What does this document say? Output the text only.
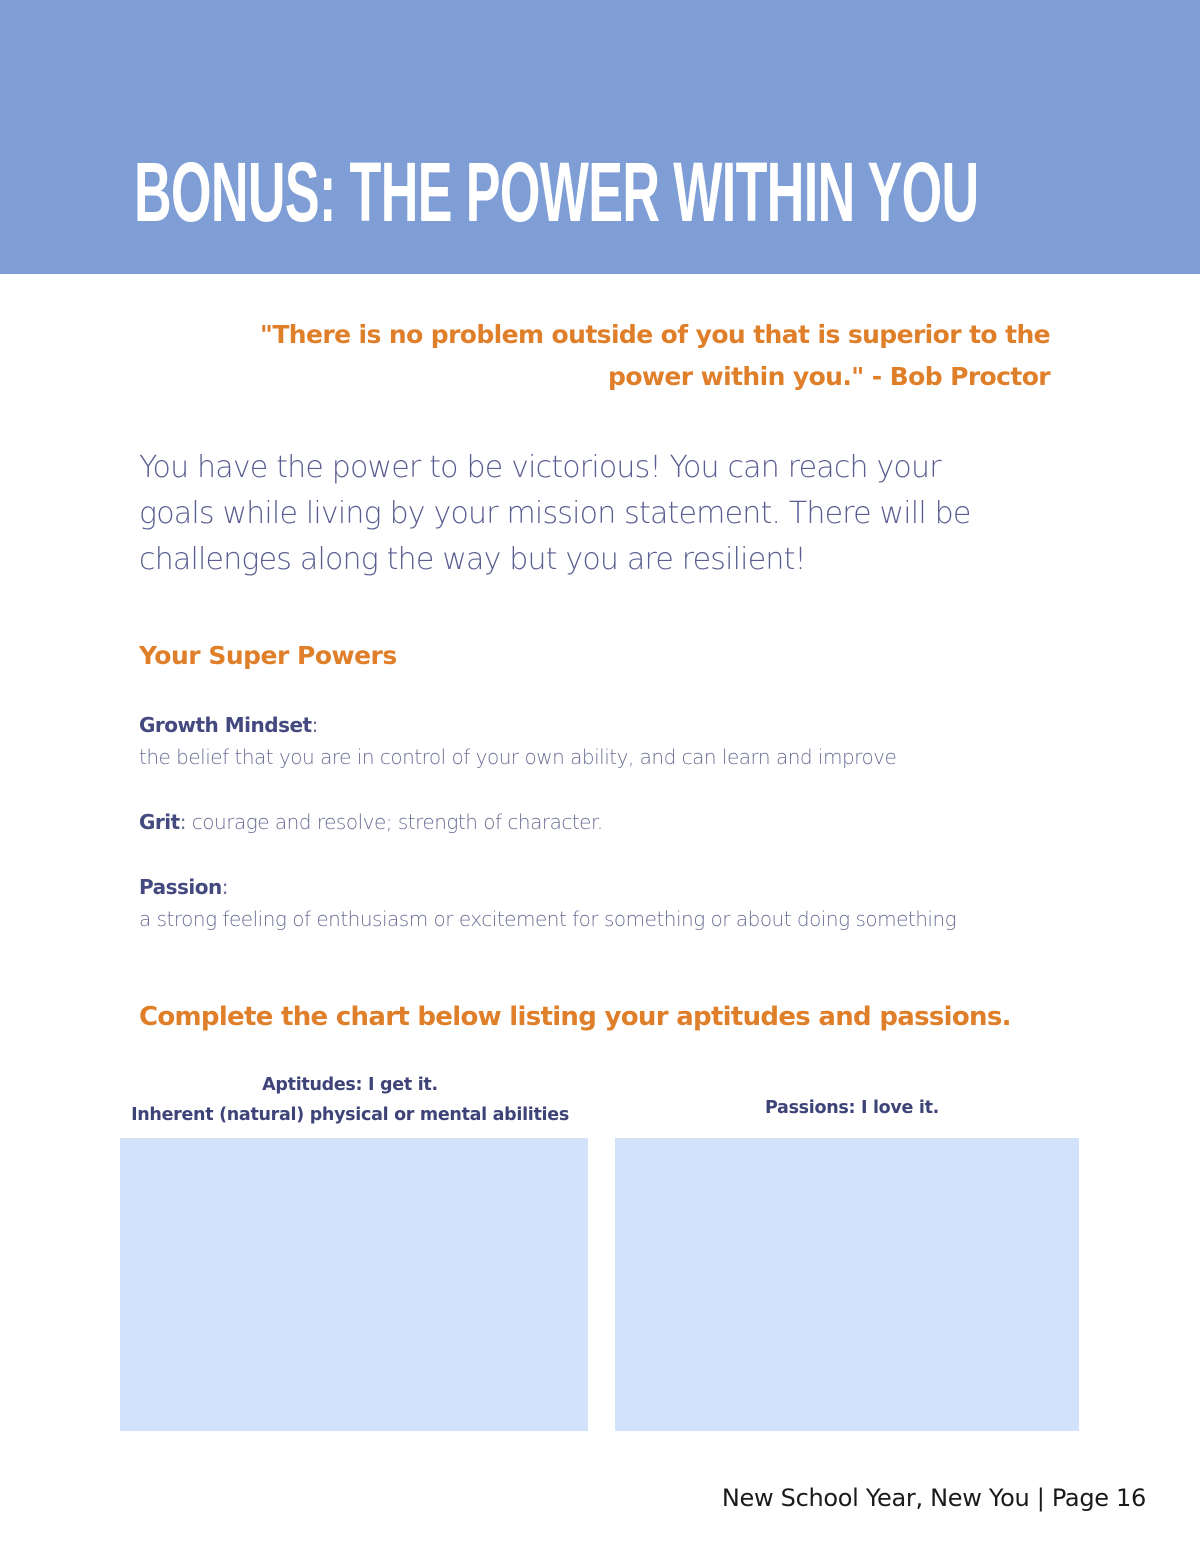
BONUS: THE POWER WITHIN YOU
"There is no problem outside of you that is superior to the
power within you." - Bob Proctor
You have the power to be victorious! You can reach your goals while living by your mission statement. There will be challenges along the way but you are resilient!
Your Super Powers
Growth Mindset:
the belief that you are in control of your own ability, and can learn and improve
Grit: courage and resolve; strength of character.
Passion:
a strong feeling of enthusiasm or excitement for something or about doing something
Complete the chart below listing your aptitudes and passions.
Aptitudes: I get it.
Inherent (natural) physical or mental abilities	Passions: I love it.
New School Year, New You | Page 16
